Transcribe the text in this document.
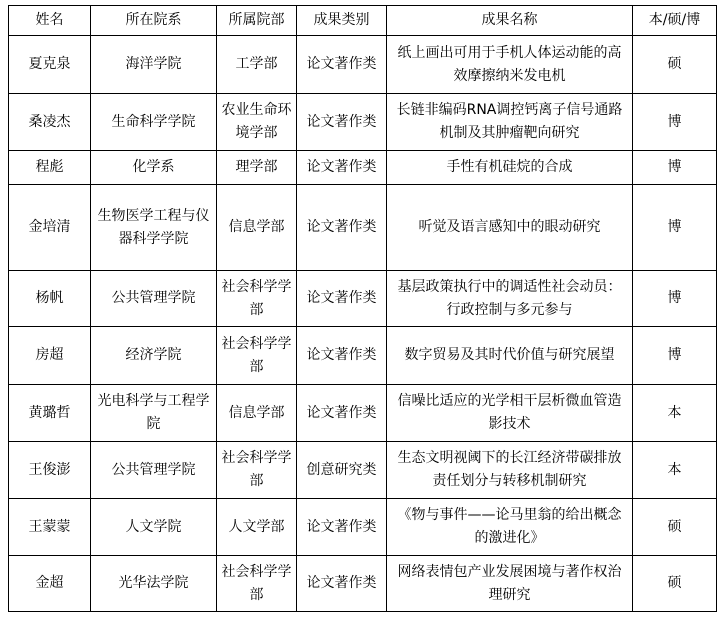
姓名	所在院系	所属院部	成果类别	成果名称	本/硕/博
夏克泉	海洋学院	工学部	论文著作类	纸上画出可用于手机人体运动能的高效摩擦纳米发电机	硕
桑凌杰	生命科学学院	农业生命环境学部	论文著作类	长链非编码RNA调控钙离子信号通路机制及其肿瘤靶向研究	博
程彪	化学系	理学部	论文著作类	手性有机硅烷的合成	博
金培清	生物医学工程与仪器科学学院	信息学部	论文著作类	听觉及语言感知中的眼动研究	博
杨帆	公共管理学院	社会科学学部	论文著作类	基层政策执行中的调适性社会动员：行政控制与多元参与	博
房超	经济学院	社会科学学部	论文著作类	数字贸易及其时代价值与研究展望	博
黄璐哲	光电科学与工程学院	信息学部	论文著作类	信噪比适应的光学相干层析微血管造影技术	本
王俊澎	公共管理学院	社会科学学部	创意研究类	生态文明视阈下的长江经济带碳排放责任划分与转移机制研究	本
王蒙蒙	人文学院	人文学部	论文著作类	《物与事件——论马里翁的给出概念的激进化》	硕
金超	光华法学院	社会科学学部	论文著作类	网络表情包产业发展困境与著作权治理研究	硕
